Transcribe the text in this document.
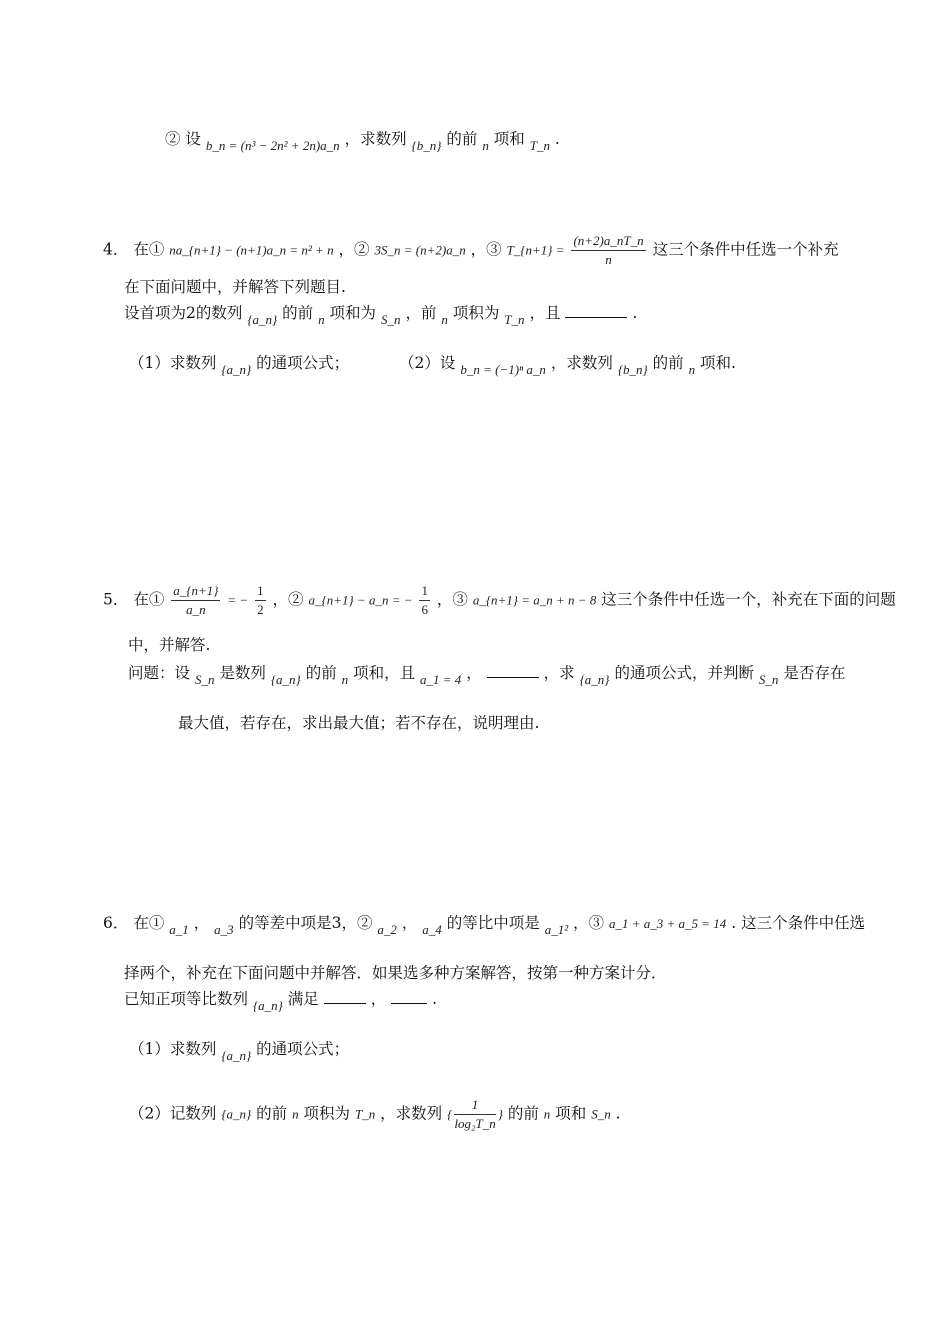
② 设 $_{b\_n = (n^3 - 2n^2 + 2n)a\_n}$ ，求数列 $_{\{b\_n\}}$ 的前 $_n$ 项和 $_{T\_n}$ .
4． 在① na_{n+1} − (n+1)a_n = n² + n ，② 3S_n = (n+2)a_n ，③ T_{n+1} = $\frac{(n+2)a\_nT\_n}{n}$ 这三个条件中任选一个补充
在下面问题中，并解答下列题目.
设首项为2的数列 $_{\{a\_n\}}$ 的前 $_n$ 项和为 $_{S\_n}$ ，前 $_n$ 项积为 $_{T\_n}$ ，且	.
（1）求数列 $_{\{a\_n\}}$ 的通项公式；	（2）设 $_{b\_n = (-1)^n a\_n}$ ，求数列 $_{\{b\_n\}}$ 的前 $_n$ 项和.
5． 在① $\frac{a\_\{n+1\}}{a\_n}$ = − $\frac{1}{2}$ ，② a_{n+1} − a_n = − $\frac{1}{6}$ ，③ a_{n+1} = a_n + n − 8 这三个条件中任选一个，补充在下面的问题
中，并解答.
问题：设 $_{S\_n}$ 是数列 $_{\{a\_n\}}$ 的前 $_n$ 项和，且 $_{a\_1 = 4}$ ，	，求 $_{\{a\_n\}}$ 的通项公式，并判断 $_{S\_n}$ 是否存在
最大值，若存在，求出最大值；若不存在，说明理由.
6． 在① $_{a\_1}$ ， $_{a\_3}$ 的等差中项是3，② $_{a\_2}$ ， $_{a\_4}$ 的等比中项是 $_{a\_1^2}$ ，③ a_1 + a_3 + a_5 = 14 . 这三个条件中任选
择两个，补充在下面问题中并解答．如果选多种方案解答，按第一种方案计分．
已知正项等比数列 $_{\{a\_n\}}$ 满足	，	.
（1）求数列 $_{\{a\_n\}}$ 的通项公式；
（2）记数列 {a_n} 的前 n 项积为 T_n ，求数列 { $\frac{1}{\text{log₂T\_n}}$ } 的前 n 项和 S_n .
